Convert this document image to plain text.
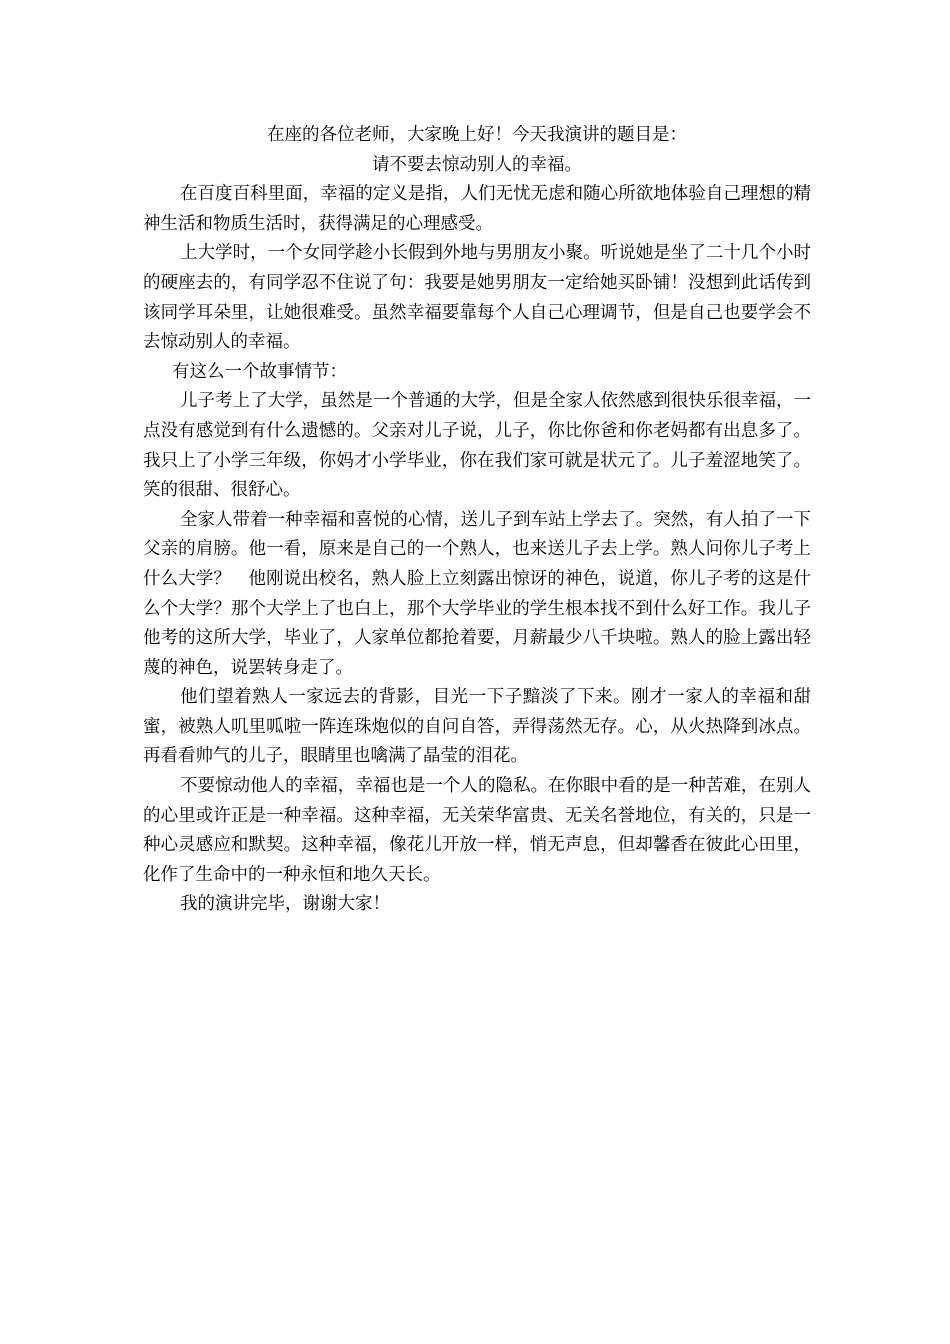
在座的各位老师，大家晚上好！今天我演讲的题目是：

请不要去惊动别人的幸福。

在百度百科里面，幸福的定义是指，人们无忧无虑和随心所欲地体验自己理想的精神生活和物质生活时，获得满足的心理感受。

上大学时，一个女同学趁小长假到外地与男朋友小聚。听说她是坐了二十几个小时的硬座去的，有同学忍不住说了句：我要是她男朋友一定给她买卧铺！没想到此话传到该同学耳朵里，让她很难受。虽然幸福要靠每个人自己心理调节，但是自己也要学会不去惊动别人的幸福。

有这么一个故事情节：

儿子考上了大学，虽然是一个普通的大学，但是全家人依然感到很快乐很幸福，一点没有感觉到有什么遗憾的。父亲对儿子说，儿子，你比你爸和你老妈都有出息多了。我只上了小学三年级，你妈才小学毕业，你在我们家可就是状元了。儿子羞涩地笑了。笑的很甜、很舒心。

全家人带着一种幸福和喜悦的心情，送儿子到车站上学去了。突然，有人拍了一下父亲的肩膀。他一看，原来是自己的一个熟人，也来送儿子去上学。熟人问你儿子考上什么大学？　他刚说出校名，熟人脸上立刻露出惊讶的神色，说道，你儿子考的这是什么个大学？那个大学上了也白上，那个大学毕业的学生根本找不到什么好工作。我儿子他考的这所大学，毕业了，人家单位都抢着要，月薪最少八千块啦。熟人的脸上露出轻蔑的神色，说罢转身走了。

他们望着熟人一家远去的背影，目光一下子黯淡了下来。刚才一家人的幸福和甜蜜，被熟人叽里呱啦一阵连珠炮似的自问自答，弄得荡然无存。心，从火热降到冰点。再看看帅气的儿子，眼睛里也噙满了晶莹的泪花。

不要惊动他人的幸福，幸福也是一个人的隐私。在你眼中看的是一种苦难，在别人的心里或许正是一种幸福。这种幸福，无关荣华富贵、无关名誉地位，有关的，只是一种心灵感应和默契。这种幸福，像花儿开放一样，悄无声息，但却馨香在彼此心田里，化作了生命中的一种永恒和地久天长。

我的演讲完毕，谢谢大家！
